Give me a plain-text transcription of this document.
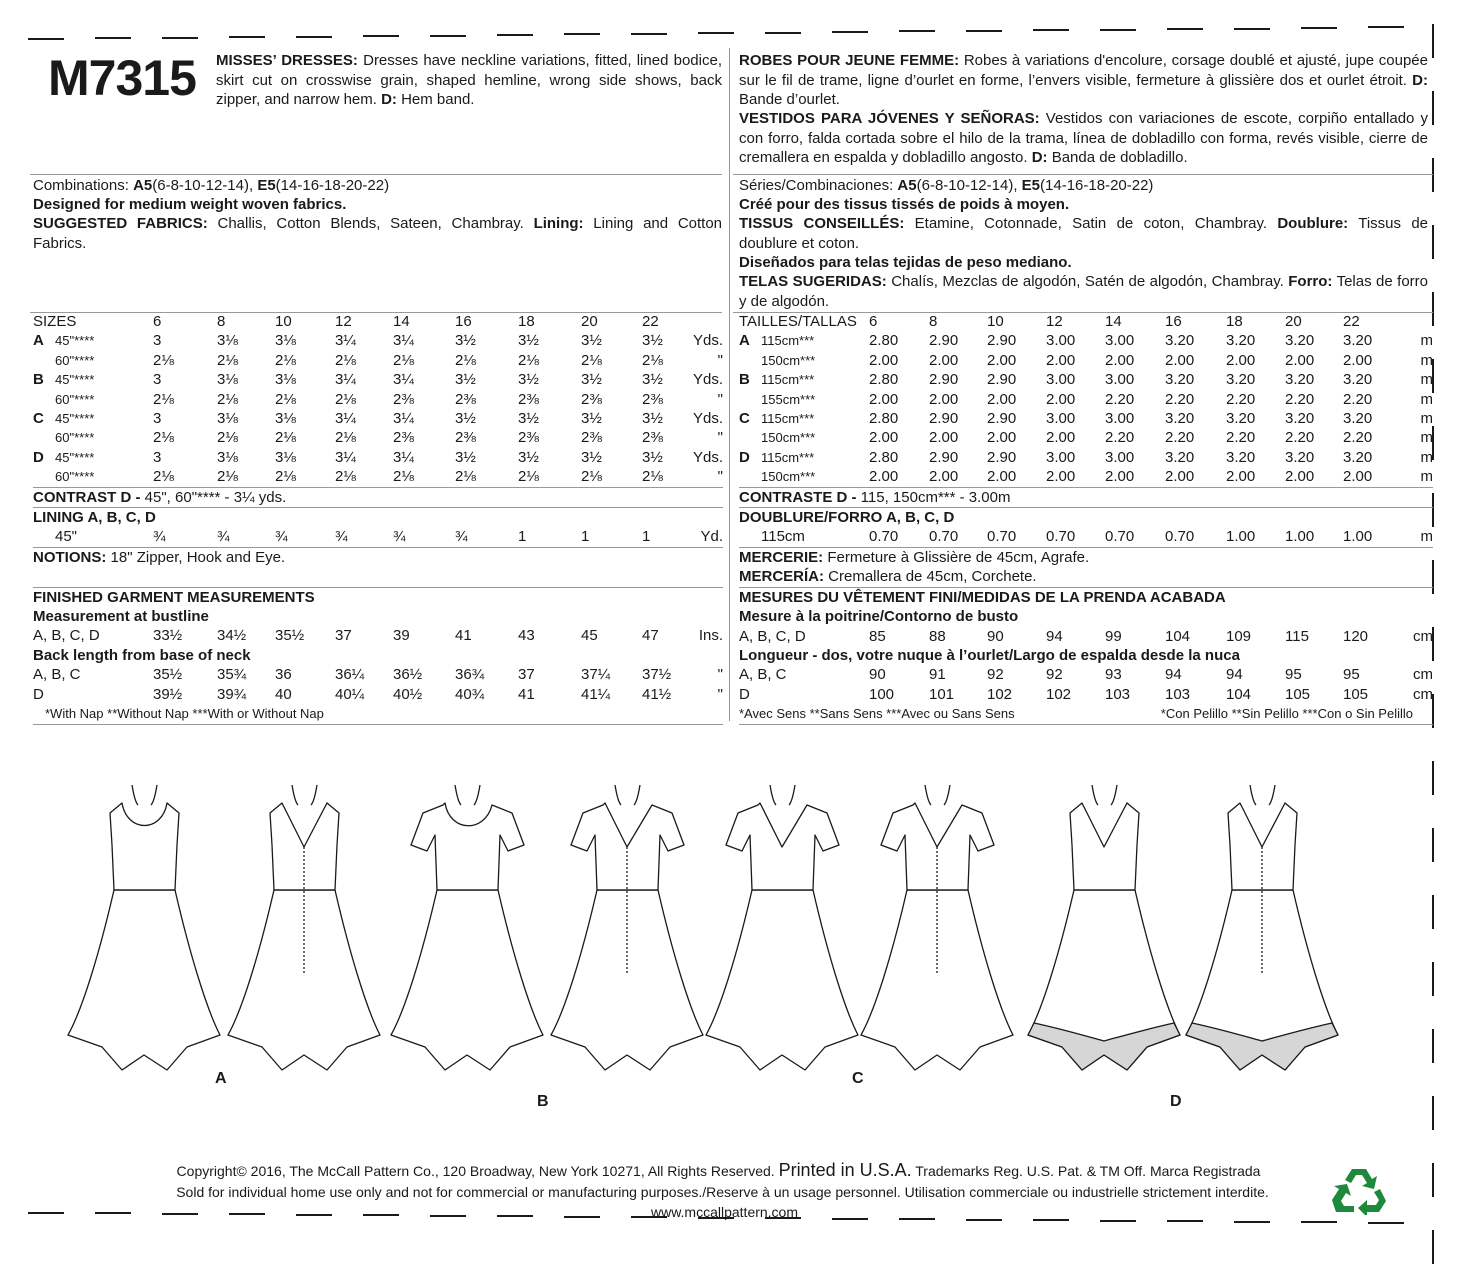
M7315 MISSES’ DRESSES: Dresses have neckline variations, fitted, lined bodice, skirt cut on crosswise grain, shaped hemline, wrong side shows, back zipper, and narrow hem. D: Hem band.
Combinations: A5(6-8-10-12-14), E5(14-16-18-20-22)
Designed for medium weight woven fabrics.
SUGGESTED FABRICS: Challis, Cotton Blends, Sateen, Chambray. Lining: Lining and Cotton Fabrics.
ROBES POUR JEUNE FEMME: Robes à variations d'encolure, corsage doublé et ajusté, jupe coupée sur le fil de trame, ligne d’ourlet en forme, l’envers visible, fermeture à glissière dos et ourlet étroit. D: Bande d’ourlet.
VESTIDOS PARA JÓVENES Y SEÑORAS: Vestidos con variaciones de escote, corpiño entallado y con forro, falda cortada sobre el hilo de la trama, línea de dobladillo con forma, revés visible, cierre de cremallera en espalda y dobladillo angosto. D: Banda de dobladillo.
Séries/Combinaciones: A5(6-8-10-12-14), E5(14-16-18-20-22)
Créé pour des tissus tissés de poids à moyen.
TISSUS CONSEILLÉS: Etamine, Cotonnade, Satin de coton, Chambray. Doublure: Tissus de doublure et coton.
Diseñados para telas tejidas de peso mediano.
TELAS SUGERIDAS: Chalís, Mezclas de algodón, Satén de algodón, Chambray. Forro: Telas de forro y de algodón.
SIZES	6	8	10	12	14	16	18	20	22	
A 45"****	3	3⅛	3⅛	3¼	3¼	3½	3½	3½	3½	Yds.
60"****	2⅛	2⅛	2⅛	2⅛	2⅛	2⅛	2⅛	2⅛	2⅛	"
B 45"****	3	3⅛	3⅛	3¼	3¼	3½	3½	3½	3½	Yds.
60"****	2⅛	2⅛	2⅛	2⅛	2⅜	2⅜	2⅜	2⅜	2⅜	"
C 45"****	3	3⅛	3⅛	3¼	3¼	3½	3½	3½	3½	Yds.
60"****	2⅛	2⅛	2⅛	2⅛	2⅜	2⅜	2⅜	2⅜	2⅜	"
D 45"****	3	3⅛	3⅛	3¼	3¼	3½	3½	3½	3½	Yds.
60"****	2⅛	2⅛	2⅛	2⅛	2⅛	2⅛	2⅛	2⅛	2⅛	"
CONTRAST D - 45", 60"**** - 3¼ yds.										
LINING A, B, C, D										
45"	¾	¾	¾	¾	¾	¾	1	1	1	Yd.
NOTIONS: 18" Zipper, Hook and Eye.										

FINISHED GARMENT MEASUREMENTS										
Measurement at bustline										
A, B, C, D	33½	34½	35½	37	39	41	43	45	47	Ins.
Back length from base of neck										
A, B, C	35½	35¾	36	36¼	36½	36¾	37	37¼	37½	"
D	39½	39¾	40	40¼	40½	40¾	41	41¼	41½	"
*With Nap **Without Nap ***With or Without Nap										
TAILLES/TALLAS	6	8	10	12	14	16	18	20	22	
A 115cm***	2.80	2.90	2.90	3.00	3.00	3.20	3.20	3.20	3.20	m
150cm***	2.00	2.00	2.00	2.00	2.00	2.00	2.00	2.00	2.00	m
B 115cm***	2.80	2.90	2.90	3.00	3.00	3.20	3.20	3.20	3.20	m
155cm***	2.00	2.00	2.00	2.00	2.20	2.20	2.20	2.20	2.20	m
C 115cm***	2.80	2.90	2.90	3.00	3.00	3.20	3.20	3.20	3.20	m
150cm***	2.00	2.00	2.00	2.00	2.20	2.20	2.20	2.20	2.20	m
D 115cm***	2.80	2.90	2.90	3.00	3.00	3.20	3.20	3.20	3.20	m
150cm***	2.00	2.00	2.00	2.00	2.00	2.00	2.00	2.00	2.00	m
CONTRASTE D - 115, 150cm*** - 3.00m										
DOUBLURE/FORRO A, B, C, D										
115cm	0.70	0.70	0.70	0.70	0.70	0.70	1.00	1.00	1.00	m
MERCERIE: Fermeture à Glissière de 45cm, Agrafe.										
MERCERÍA: Cremallera de 45cm, Corchete.										
MESURES DU VÊTEMENT FINI/MEDIDAS DE LA PRENDA ACABADA										
Mesure à la poitrine/Contorno de busto										
A, B, C, D	85	88	90	94	99	104	109	115	120	cm
Longueur - dos, votre nuque à l’ourlet/Largo de espalda desde la nuca										
A, B, C	90	91	92	92	93	94	94	95	95	cm
D	100	101	102	102	103	103	104	105	105	cm
*Avec Sens **Sans Sens ***Avec ou Sans Sens *Con Pelillo **Sin Pelillo ***Con o Sin Pelillo										
A
B
C
D
Copyright© 2016, The McCall Pattern Co., 120 Broadway, New York 10271, All Rights Reserved. Printed in U.S.A. Trademarks Reg. U.S. Pat. & TM Off. Marca Registrada
Sold for individual home use only and not for commercial or manufacturing purposes./Reserve à un usage personnel. Utilisation commerciale ou industrielle strictement interdite.
www.mccallpattern.com
